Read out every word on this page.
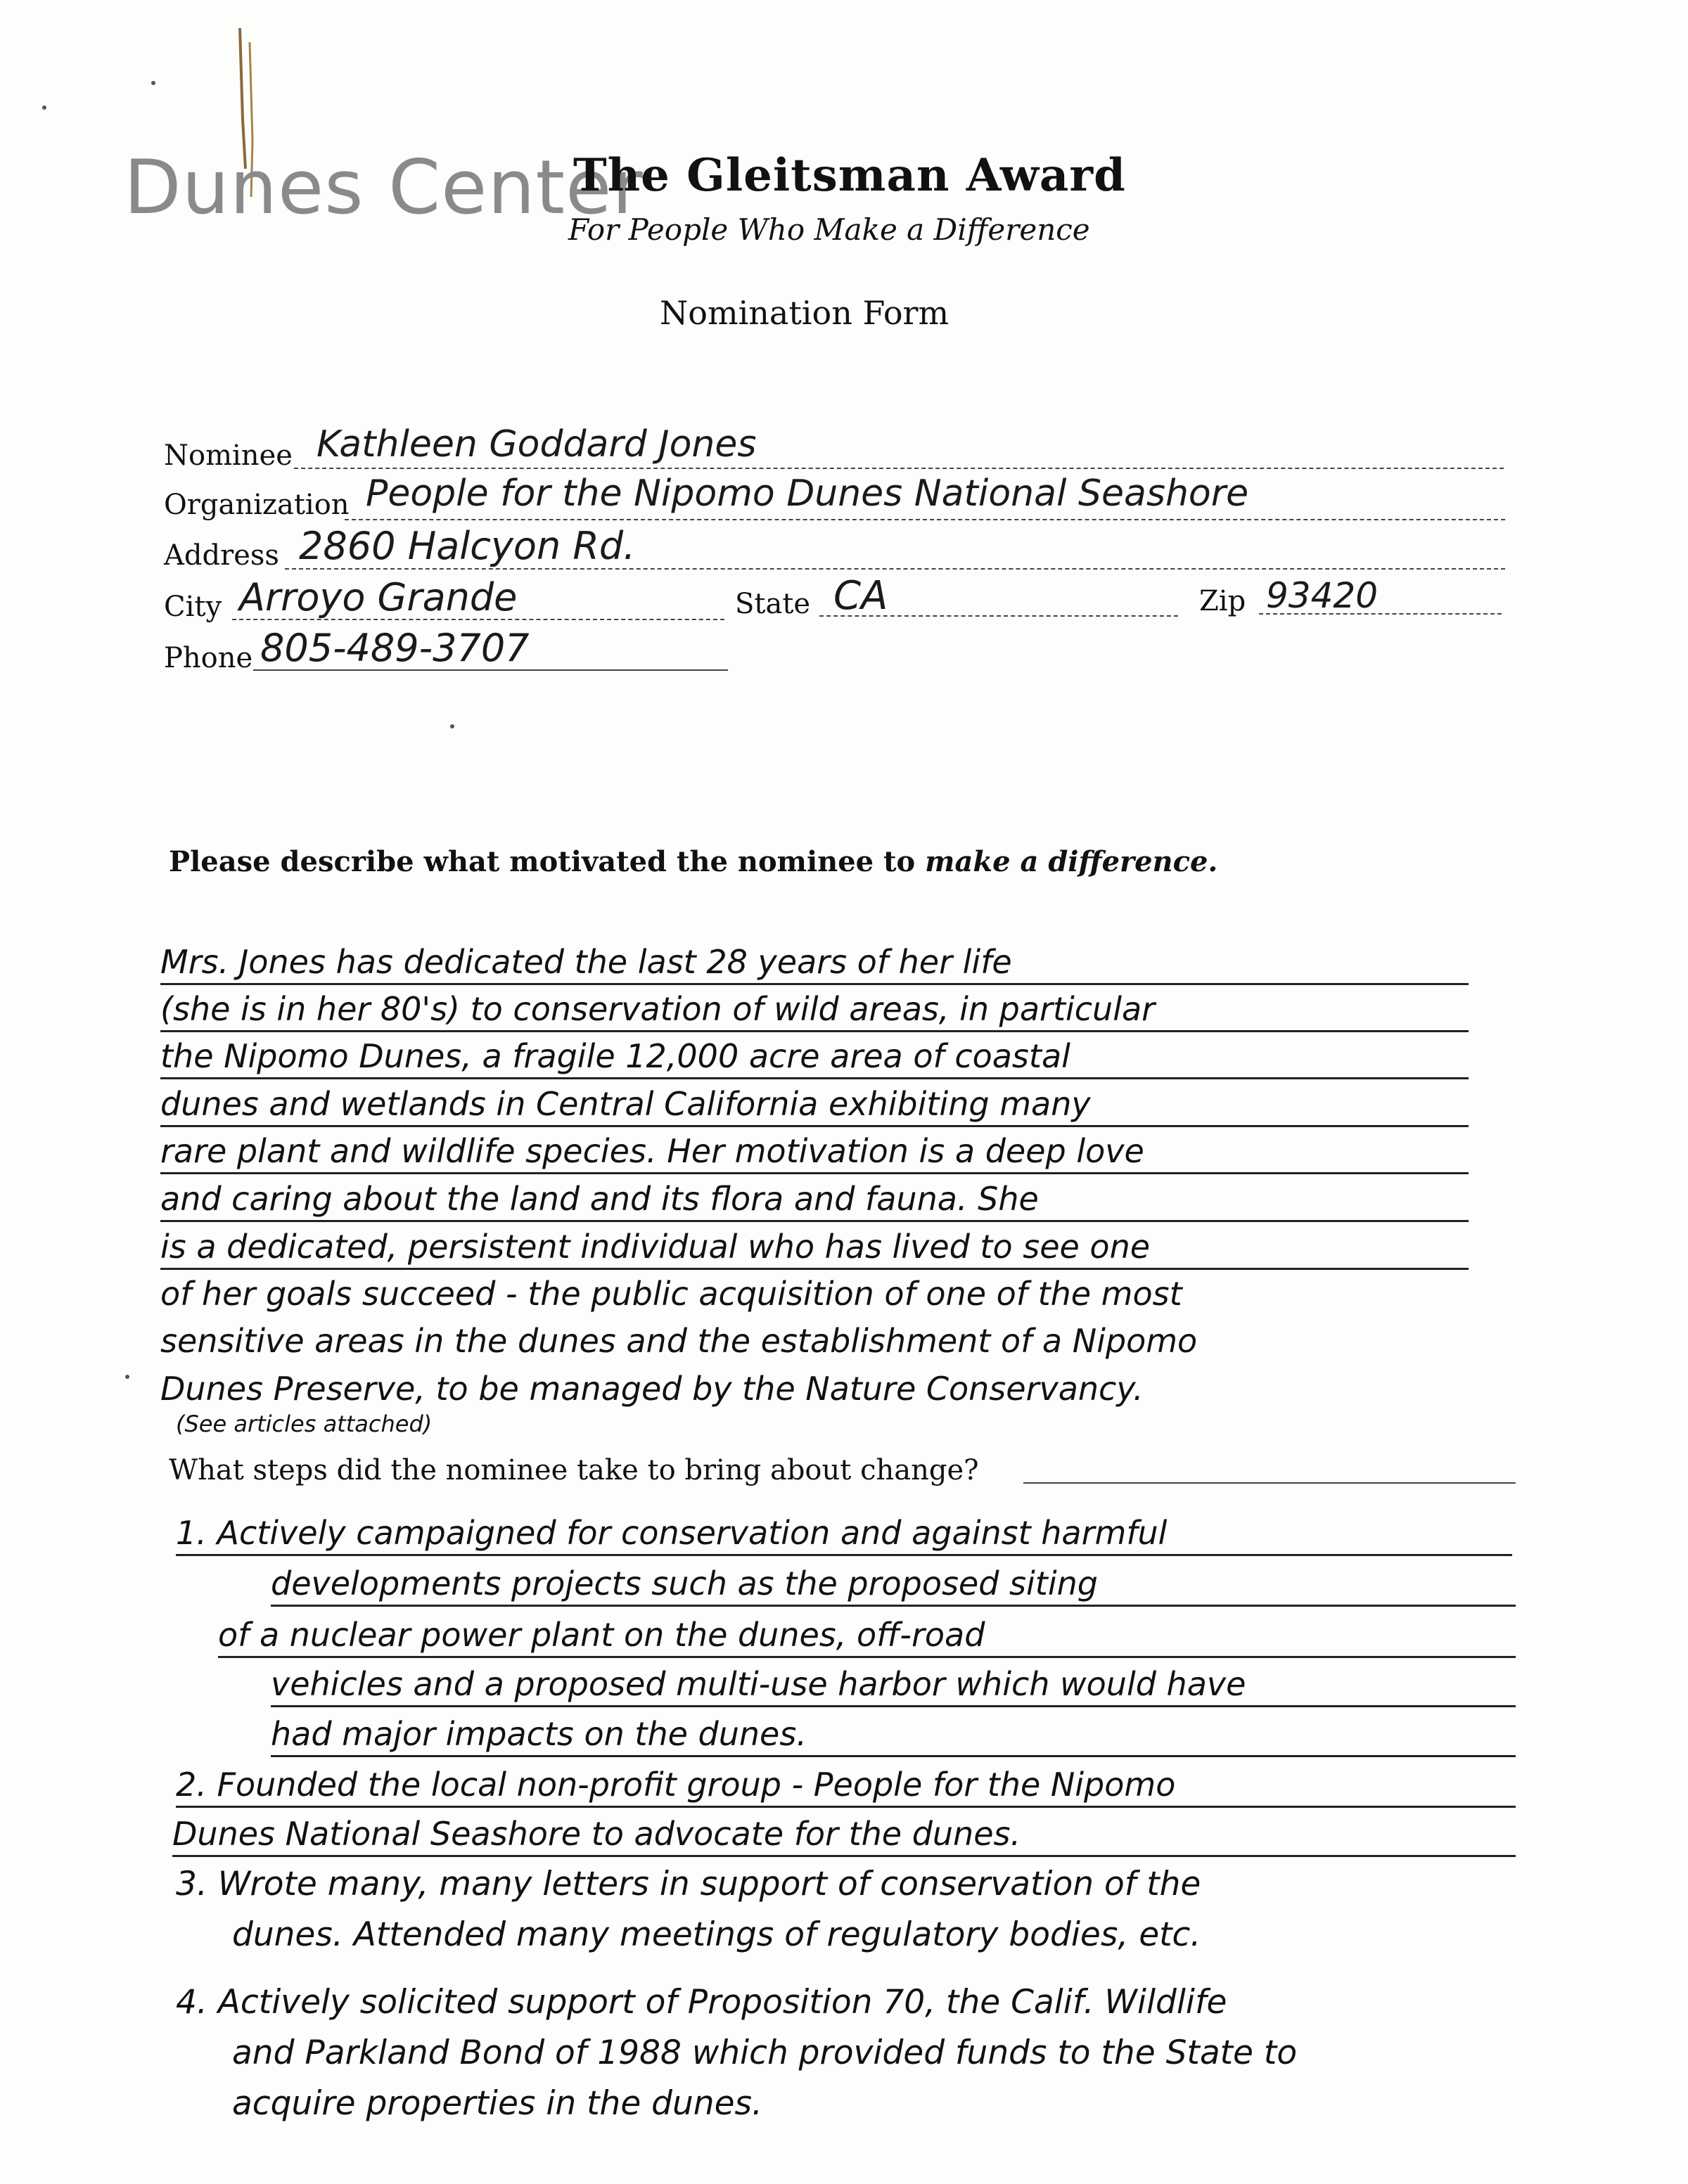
Dunes Center
The Gleitsman Award
For People Who Make a Difference
Nomination Form
Nominee Kathleen Goddard Jones
Organization People for the Nipomo Dunes National Seashore
Address 2860 Halcyon Rd.
City Arroyo Grande	State CA	Zip 93420
Phone 805-489-3707
Please describe what motivated the nominee to make a difference.
Mrs. Jones has dedicated the last 28 years of her life
(she is in her 80's) to conservation of wild areas, in particular
the Nipomo Dunes, a fragile 12,000 acre area of coastal
dunes and wetlands in Central California exhibiting many
rare plant and wildlife species. Her motivation is a deep love
and caring about the land and its flora and fauna. She
is a dedicated, persistent individual who has lived to see one
of her goals succeed - the public acquisition of one of the most
sensitive areas in the dunes and the establishment of a Nipomo
Dunes Preserve, to be managed by the Nature Conservancy.
(See articles attached)
What steps did the nominee take to bring about change?
1. Actively campaigned for conservation and against harmful
developments projects such as the proposed siting
of a nuclear power plant on the dunes, off-road
vehicles and a proposed multi-use harbor which would have
had major impacts on the dunes.
2. Founded the local non-profit group - People for the Nipomo
Dunes National Seashore to advocate for the dunes.
3. Wrote many, many letters in support of conservation of the
dunes. Attended many meetings of regulatory bodies, etc.
4. Actively solicited support of Proposition 70, the Calif. Wildlife
and Parkland Bond of 1988 which provided funds to the State to
acquire properties in the dunes.
